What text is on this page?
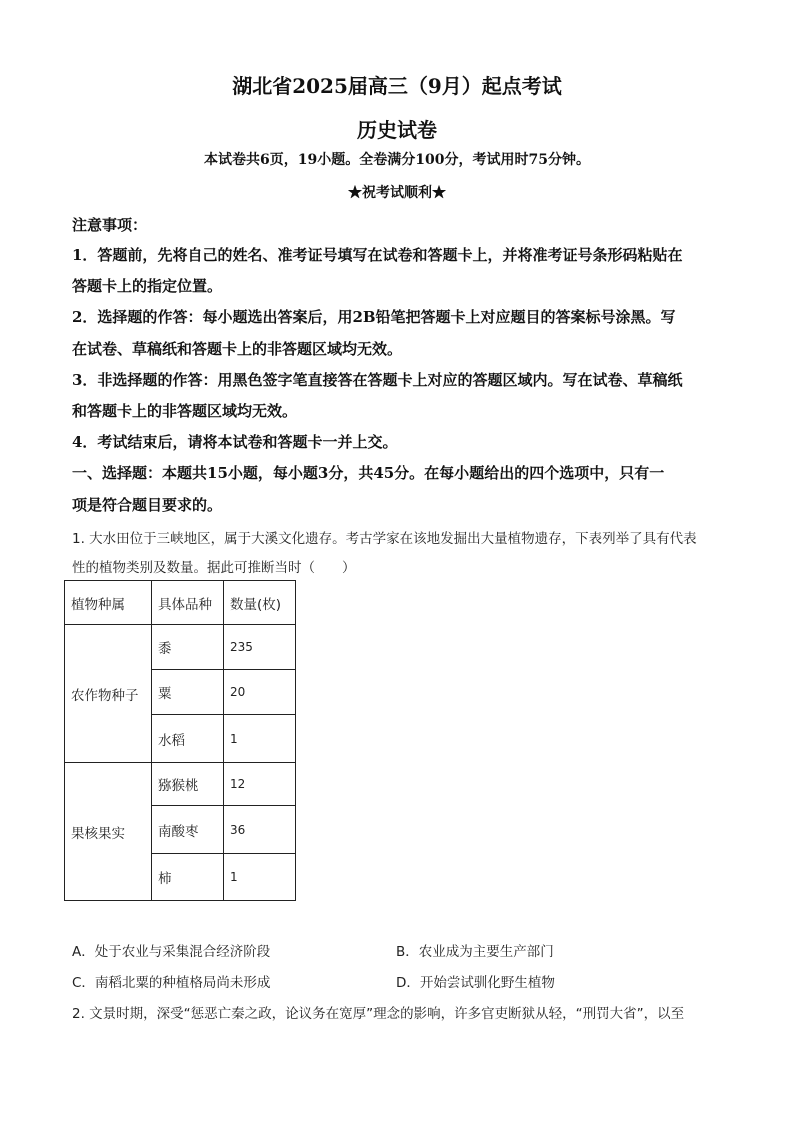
湖北省2025届高三（9月）起点考试
历史试卷
本试卷共6页，19小题。全卷满分100分，考试用时75分钟。
★祝考试顺利★
注意事项：
1．答题前，先将自己的姓名、准考证号填写在试卷和答题卡上，并将准考证号条形码粘贴在
答题卡上的指定位置。
2．选择题的作答：每小题选出答案后，用2B铅笔把答题卡上对应题目的答案标号涂黑。写
在试卷、草稿纸和答题卡上的非答题区域均无效。
3．非选择题的作答：用黑色签字笔直接答在答题卡上对应的答题区域内。写在试卷、草稿纸
和答题卡上的非答题区域均无效。
4．考试结束后，请将本试卷和答题卡一并上交。
一、选择题：本题共15小题，每小题3分，共45分。在每小题给出的四个选项中，只有一
项是符合题目要求的。
1. 大水田位于三峡地区，属于大溪文化遗存。考古学家在该地发掘出大量植物遗存，下表列举了具有代表
性的植物类别及数量。据此可推断当时（　　）
植物种属	具体品种	数量(枚)
农作物种子	黍	235
	粟	20
	水稻	1
果核果实	猕猴桃	12
	南酸枣	36
	柿	1
A．处于农业与采集混合经济阶段	B．农业成为主要生产部门
C．南稻北粟的种植格局尚未形成	D．开始尝试驯化野生植物
2. 文景时期，深受“惩恶亡秦之政，论议务在宽厚”理念的影响，许多官吏断狱从轻，“刑罚大省”，以至
